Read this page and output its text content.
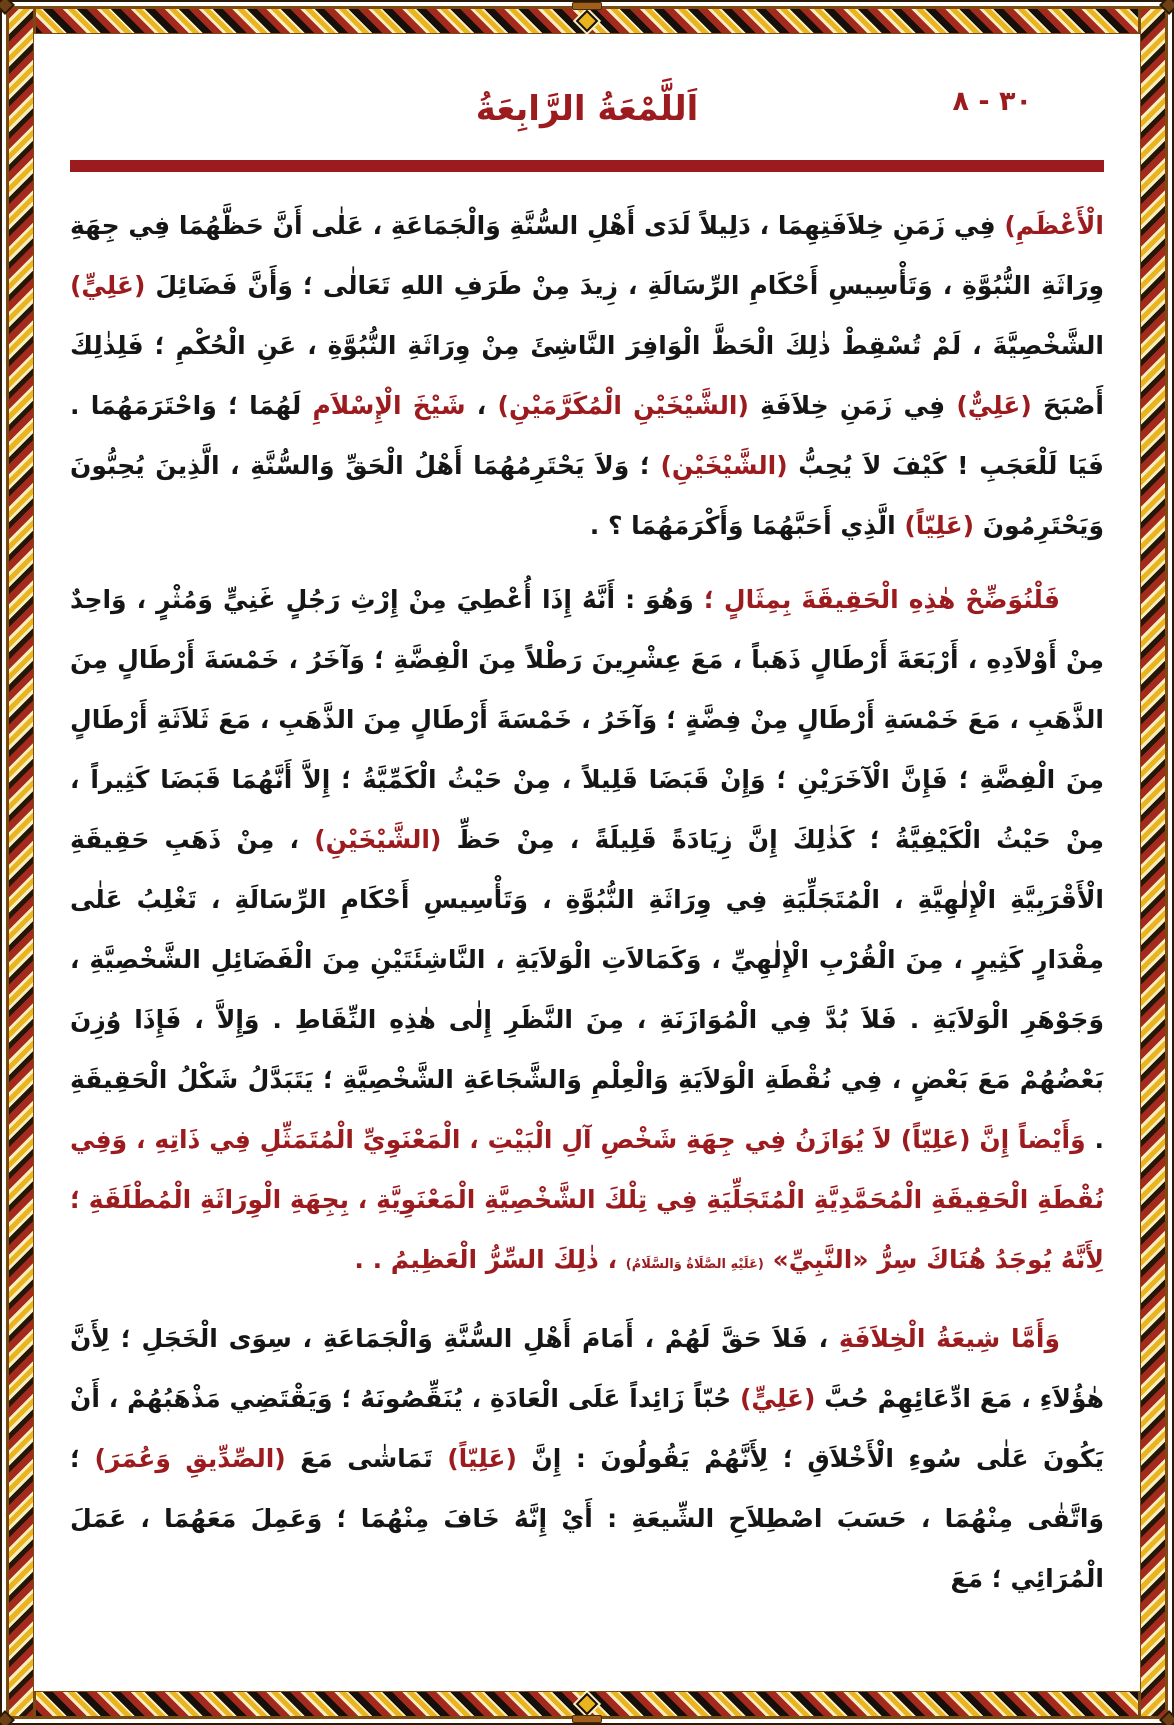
٣٠ - ٨
اَللَّمْعَةُ الرَّابِعَةُ

الْأَعْظَمِ) فِي زَمَنِ خِلاَفَتِهِمَا ، دَلِيلاً لَدَى أَهْلِ السُّنَّةِ وَالْجَمَاعَةِ ، عَلٰى أَنَّ حَظَّهُمَا فِي جِهَةِ وِرَاثَةِ النُّبُوَّةِ ، وَتَأْسِيسِ أَحْكَامِ الرِّسَالَةِ ، زِيدَ مِنْ طَرَفِ اللهِ تَعَالٰى ؛ وَأَنَّ فَضَائِلَ (عَلِيٍّ) الشَّخْصِيَّةَ ، لَمْ تُسْقِطْ ذٰلِكَ الْحَظَّ الْوَافِرَ النَّاشِئَ مِنْ وِرَاثَةِ النُّبُوَّةِ ، عَنِ الْحُكْمِ ؛ فَلِذٰلِكَ أَصْبَحَ (عَلِيٌّ) فِي زَمَنِ خِلاَفَةِ (الشَّيْخَيْنِ الْمُكَرَّمَيْنِ) ، شَيْخَ الْإِسْلاَمِ لَهُمَا ؛ وَاحْتَرَمَهُمَا . فَيَا لَلْعَجَبِ ! كَيْفَ لاَ يُحِبُّ (الشَّيْخَيْنِ) ؛ وَلاَ يَحْتَرِمُهُمَا أَهْلُ الْحَقِّ وَالسُّنَّةِ ، الَّذِينَ يُحِبُّونَ وَيَحْتَرِمُونَ (عَلِيّاً) الَّذِي أَحَبَّهُمَا وَأَكْرَمَهُمَا ؟ .

فَلْنُوَضِّحْ هٰذِهِ الْحَقِيقَةَ بِمِثَالٍ ؛ وَهُوَ : أَنَّهُ إِذَا أُعْطِيَ مِنْ إِرْثِ رَجُلٍ غَنِيٍّ وَمُثْرٍ ، وَاحِدٌ مِنْ أَوْلاَدِهِ ، أَرْبَعَةَ أَرْطَالٍ ذَهَباً ، مَعَ عِشْرِينَ رَطْلاً مِنَ الْفِضَّةِ ؛ وَآخَرُ ، خَمْسَةَ أَرْطَالٍ مِنَ الذَّهَبِ ، مَعَ خَمْسَةِ أَرْطَالٍ مِنْ فِضَّةٍ ؛ وَآخَرُ ، خَمْسَةَ أَرْطَالٍ مِنَ الذَّهَبِ ، مَعَ ثَلاَثَةِ أَرْطَالٍ مِنَ الْفِضَّةِ ؛ فَإِنَّ الْآخَرَيْنِ ؛ وَإِنْ قَبَضَا قَلِيلاً ، مِنْ حَيْثُ الْكَمِّيَّةُ ؛ إِلاَّ أَنَّهُمَا قَبَضَا كَثِيراً ، مِنْ حَيْثُ الْكَيْفِيَّةُ ؛ كَذٰلِكَ إِنَّ زِيَادَةً قَلِيلَةً ، مِنْ حَظِّ (الشَّيْخَيْنِ) ، مِنْ ذَهَبِ حَقِيقَةِ الْأَقْرَبِيَّةِ الْإِلٰهِيَّةِ ، الْمُتَجَلِّيَةِ فِي وِرَاثَةِ النُّبُوَّةِ ، وَتَأْسِيسِ أَحْكَامِ الرِّسَالَةِ ، تَغْلِبُ عَلٰى مِقْدَارٍ كَثِيرٍ ، مِنَ الْقُرْبِ الْإِلٰهِيِّ ، وَكَمَالاَتِ الْوَلاَيَةِ ، النَّاشِئَتَيْنِ مِنَ الْفَضَائِلِ الشَّخْصِيَّةِ ، وَجَوْهَرِ الْوَلاَيَةِ . فَلاَ بُدَّ فِي الْمُوَازَنَةِ ، مِنَ النَّظَرِ إِلٰى هٰذِهِ النِّقَاطِ . وَإِلاَّ ، فَإِذَا وُزِنَ بَعْضُهُمْ مَعَ بَعْضٍ ، فِي نُقْطَةِ الْوَلاَيَةِ وَالْعِلْمِ وَالشَّجَاعَةِ الشَّخْصِيَّةِ ؛ يَتَبَدَّلُ شَكْلُ الْحَقِيقَةِ . وَأَيْضاً إِنَّ (عَلِيّاً) لاَ يُوَازَنُ فِي جِهَةِ شَخْصِ آلِ الْبَيْتِ ، الْمَعْنَوِيِّ الْمُتَمَثِّلِ فِي ذَاتِهِ ، وَفِي نُقْطَةِ الْحَقِيقَةِ الْمُحَمَّدِيَّةِ الْمُتَجَلِّيَةِ فِي تِلْكَ الشَّخْصِيَّةِ الْمَعْنَوِيَّةِ ، بِجِهَةِ الْوِرَاثَةِ الْمُطْلَقَةِ ؛ لِأَنَّهُ يُوجَدُ هُنَاكَ سِرُّ «النَّبِيِّ» (عَلَيْهِ الصَّلَاةُ وَالسَّلَامُ) ، ذٰلِكَ السِّرُّ الْعَظِيمُ . .

وَأَمَّا شِيعَةُ الْخِلاَفَةِ ، فَلاَ حَقَّ لَهُمْ ، أَمَامَ أَهْلِ السُّنَّةِ وَالْجَمَاعَةِ ، سِوَى الْخَجَلِ ؛ لِأَنَّ هٰؤُلاَءِ ، مَعَ ادِّعَائِهِمْ حُبَّ (عَلِيٍّ) حُبّاً زَائِداً عَلَى الْعَادَةِ ، يُنَقِّصُونَهُ ؛ وَيَقْتَضِي مَذْهَبُهُمْ ، أَنْ يَكُونَ عَلٰى سُوءِ الْأَخْلاَقِ ؛ لِأَنَّهُمْ يَقُولُونَ : إِنَّ (عَلِيّاً) تَمَاشٰى مَعَ (الصِّدِّيقِ وَعُمَرَ) ؛ وَاتَّقٰى مِنْهُمَا ، حَسَبَ اصْطِلاَحِ الشِّيعَةِ : أَيْ إِنَّهُ خَافَ مِنْهُمَا ؛ وَعَمِلَ مَعَهُمَا ، عَمَلَ الْمُرَائِي ؛ مَعَ
